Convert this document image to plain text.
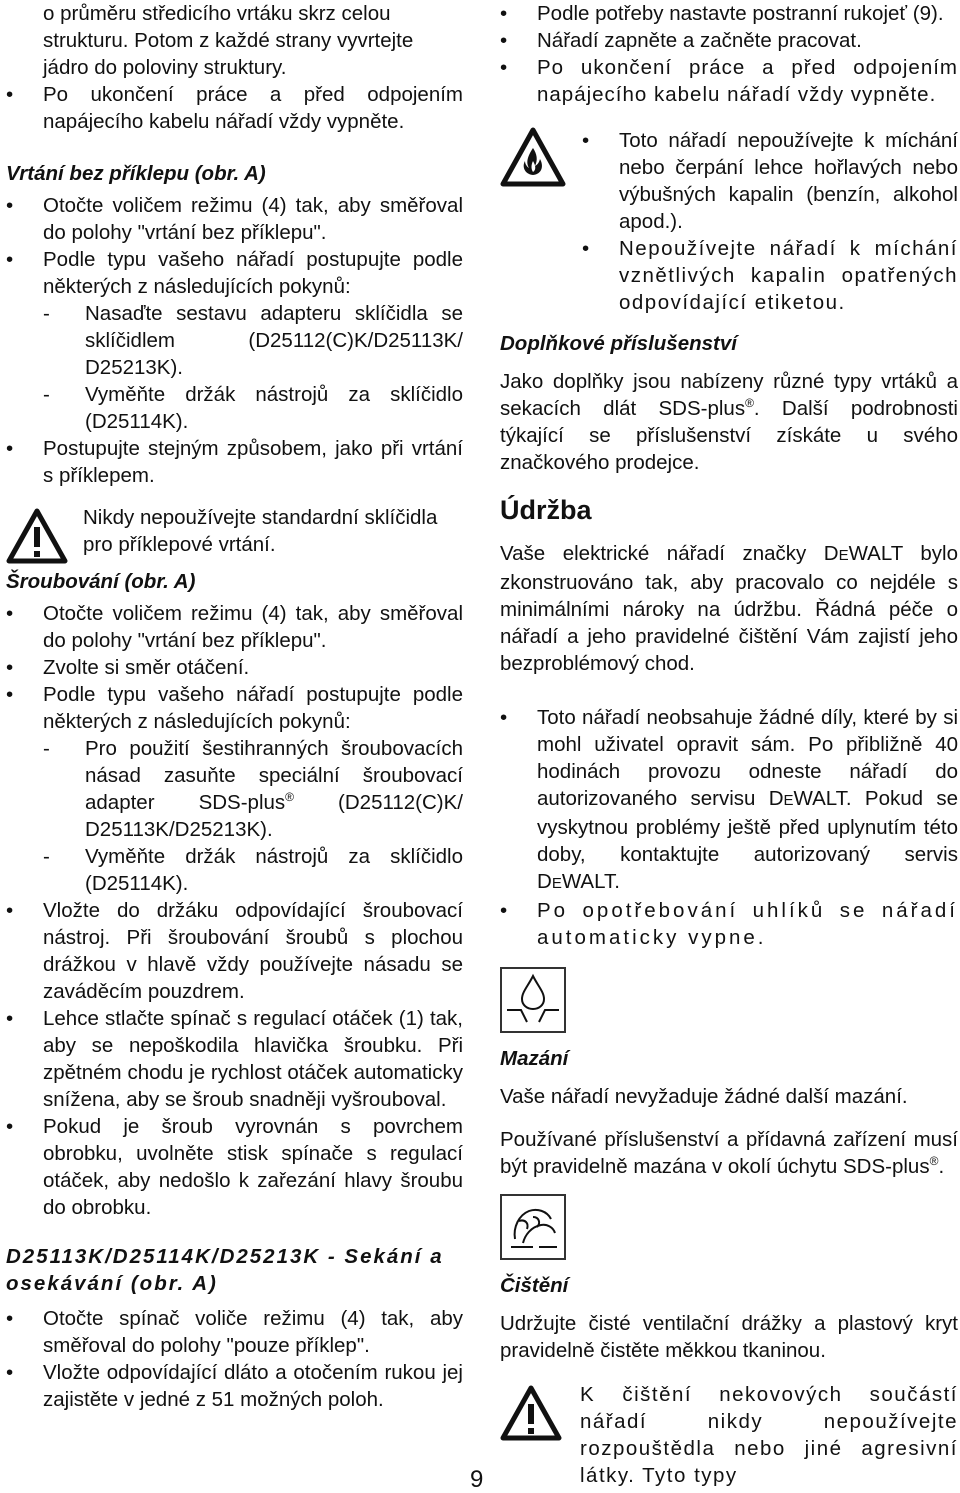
o průměru středicího vrtáku skrz celou strukturu. Potom z každé strany vyvrtejte jádro do poloviny struktury.
• Po ukončení práce a před odpojením napájecího kabelu nářadí vždy vypněte.
Vrtání bez příklepu (obr. A)
• Otočte voličem režimu (4) tak, aby směřoval do polohy "vrtání bez příklepu".
• Podle typu vašeho nářadí postupujte podle některých z následujících pokynů:
- Nasaďte sestavu adapteru sklíčidla se sklíčidlem (D25112(C)K/D25113K/ D25213K).
- Vyměňte držák nástrojů za sklíčidlo (D25114K).
• Postupujte stejným způsobem, jako při vrtání s příklepem.
Nikdy nepoužívejte standardní sklíčidla pro příklepové vrtání.
Šroubování (obr. A)
• Otočte voličem režimu (4) tak, aby směřoval do polohy "vrtání bez příklepu".
• Zvolte si směr otáčení.
• Podle typu vašeho nářadí postupujte podle některých z následujících pokynů:
- Pro použití šestihranných šroubovacích násad zasuňte speciální šroubovací adapter SDS-plus® (D25112(C)K/ D25113K/D25213K).
- Vyměňte držák nástrojů za sklíčidlo (D25114K).
• Vložte do držáku odpovídající šroubovací nástroj. Při šroubování šroubů s plochou drážkou v hlavě vždy používejte násadu se zaváděcím pouzdrem.
• Lehce stlačte spínač s regulací otáček (1) tak, aby se nepoškodila hlavička šroubku. Při zpětném chodu je rychlost otáček automaticky snížena, aby se šroub snadněji vyšrouboval.
• Pokud je šroub vyrovnán s povrchem obrobku, uvolněte stisk spínače s regulací otáček, aby nedošlo k zařezání hlavy šroubu do obrobku.
D25113K/D25114K/D25213K - Sekání a osekávání (obr. A)
• Otočte spínač voliče režimu (4) tak, aby směřoval do polohy "pouze příklep".
• Vložte odpovídající dláto a otočením rukou jej zajistěte v jedné z 51 možných poloh.
• Podle potřeby nastavte postranní rukojeť (9).
• Nářadí zapněte a začněte pracovat.
• Po ukončení práce a před odpojením napájecího kabelu nářadí vždy vypněte.
• Toto nářadí nepoužívejte k míchání nebo čerpání lehce hořlavých nebo výbušných kapalin (benzín, alkohol apod.).
• Nepoužívejte nářadí k míchání vznětlivých kapalin opatřených odpovídající etiketou.
Doplňkové příslušenství

Jako doplňky jsou nabízeny různé typy vrtáků a sekacích dlát SDS-plus®. Další podrobnosti týkající se příslušenství získáte u svého značkového prodejce.

Údržba

Vaše elektrické nářadí značky DEWALT bylo zkonstruováno tak, aby pracovalo co nejdéle s minimálními nároky na údržbu. Řádná péče o nářadí a jeho pravidelné čištění Vám zajistí jeho bezproblémový chod.

• Toto nářadí neobsahuje žádné díly, které by si mohl uživatel opravit sám. Po přibližně 40 hodinách provozu odneste nářadí do autorizovaného servisu DEWALT. Pokud se vyskytnou problémy ještě před uplynutím této doby, kontaktujte autorizovaný servis DEWALT.
• Po opotřebování uhlíků se nářadí automaticky vypne.
Mazání

Vaše nářadí nevyžaduje žádné další mazání.

Používané příslušenství a přídavná zařízení musí být pravidelně mazána v okolí úchytu SDS-plus®.

Čištění

Udržujte čisté ventilační drážky a plastový kryt pravidelně čistěte měkkou tkaninou.

K čištění nekovových součástí nářadí nikdy nepoužívejte rozpouštědla nebo jiné agresivní látky. Tyto typy

9
